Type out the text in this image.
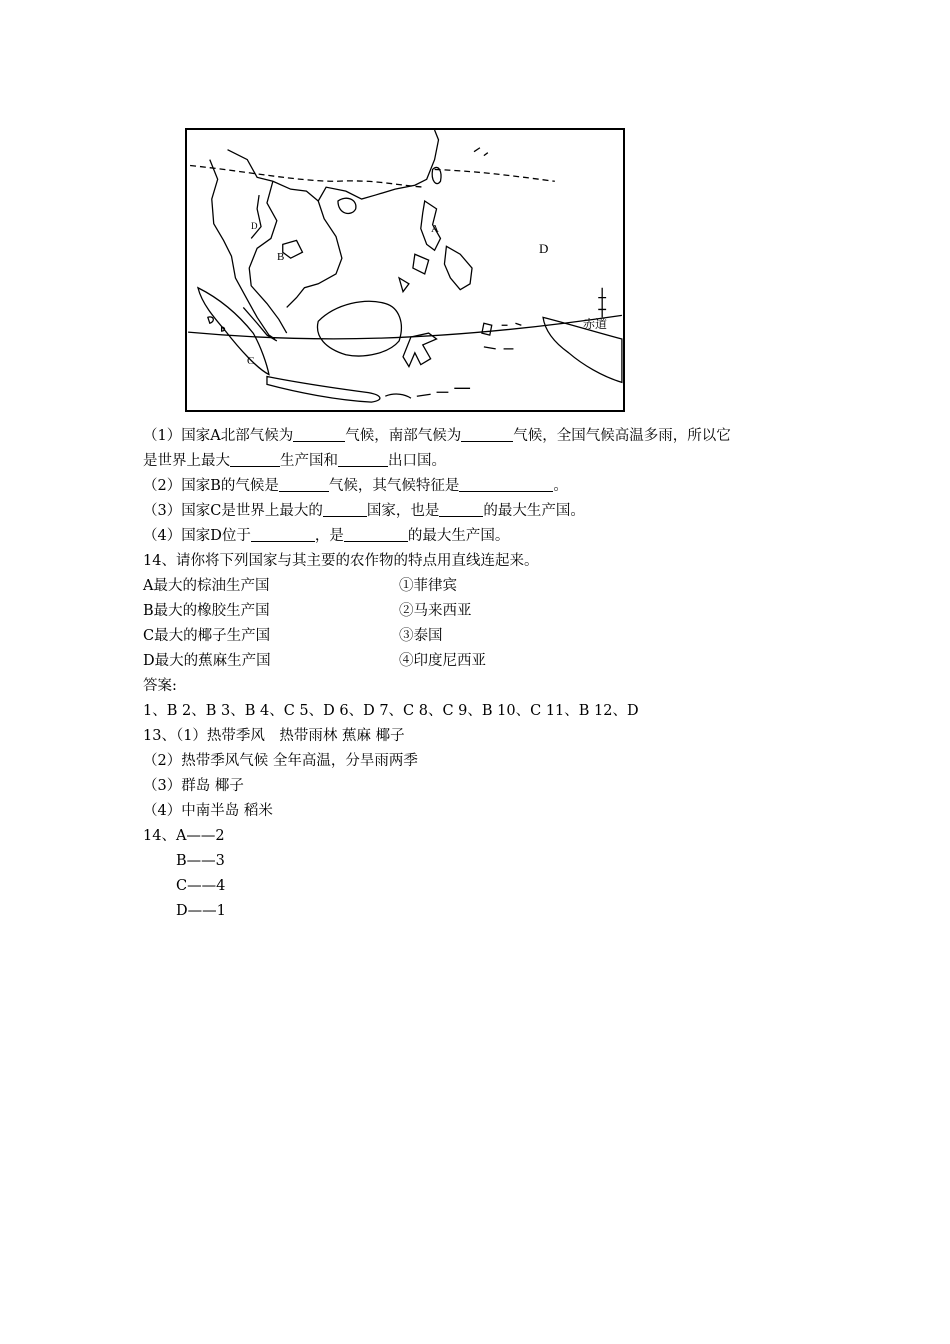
A
B
C
D
D
赤道
（1）国家A北部气候为	气候，南部气候为	气候，全国气候高温多雨，所以它
是世界上最大	生产国和	出口国。
（2）国家B的气候是	气候，其气候特征是	。
（3）国家C是世界上最大的	国家，也是	的最大生产国。
（4）国家D位于	，是	的最大生产国。
14、请你将下列国家与其主要的农作物的特点用直线连起来。
A最大的棕油生产国	①菲律宾
B最大的橡胶生产国	②马来西亚
C最大的椰子生产国	③泰国
D最大的蕉麻生产国	④印度尼西亚
答案:
1、B 2、B 3、B 4、C 5、D 6、D 7、C 8、C 9、B 10、C 11、B 12、D
13、（1）热带季风　热带雨林 蕉麻 椰子
（2）热带季风气候 全年高温，分旱雨两季
（3）群岛 椰子
（4）中南半岛 稻米
14、A——2
B——3
C——4
D——1
